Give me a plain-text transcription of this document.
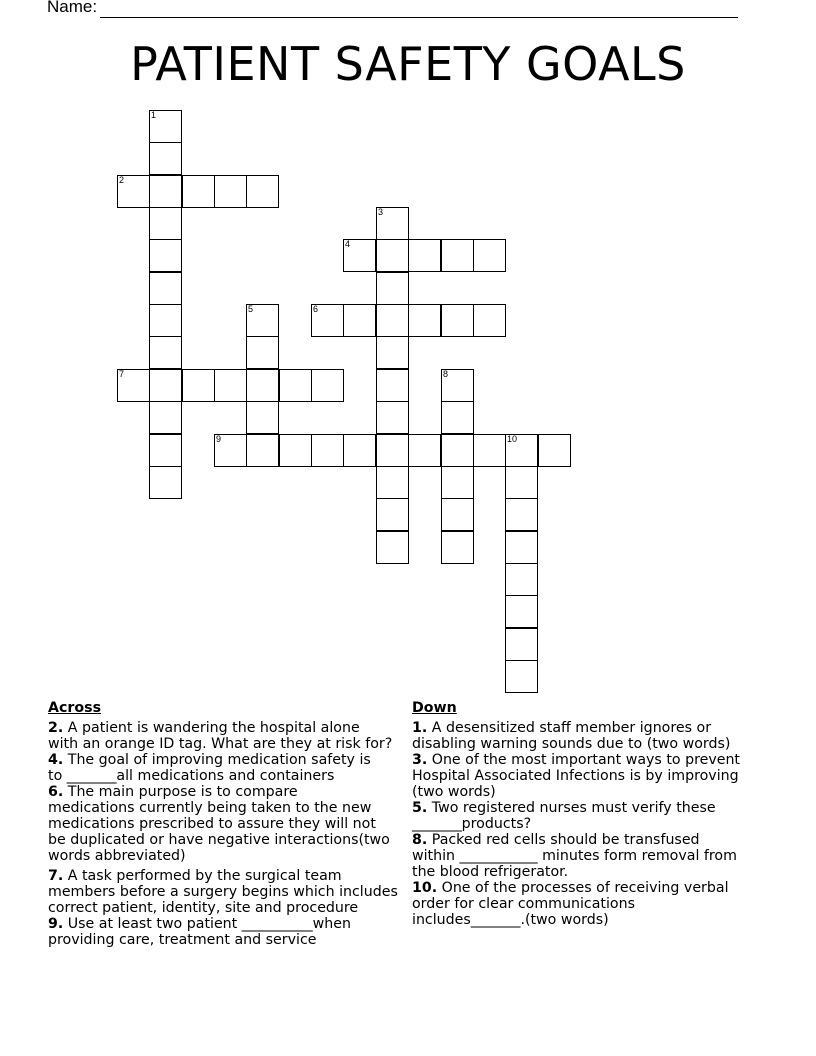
Name:
PATIENT SAFETY GOALS
1
2
3
4
5	6
7	8
9	10
Across
2. A patient is wandering the hospital alone
with an orange ID tag. What are they at risk for?
4. The goal of improving medication safety is
to _______all medications and containers
6. The main purpose is to compare
medications currently being taken to the new
medications prescribed to assure they will not
be duplicated or have negative interactions(two
words abbreviated)
7. A task performed by the surgical team
members before a surgery begins which includes
correct patient, identity, site and procedure
9. Use at least two patient __________when
providing care, treatment and service
Down
1. A desensitized staff member ignores or
disabling warning sounds due to (two words)
3. One of the most important ways to prevent
Hospital Associated Infections is by improving
(two words)
5. Two registered nurses must verify these
_______products?
8. Packed red cells should be transfused
within ___________ minutes form removal from
the blood refrigerator.
10. One of the processes of receiving verbal
order for clear communications
includes_______.(two words)
